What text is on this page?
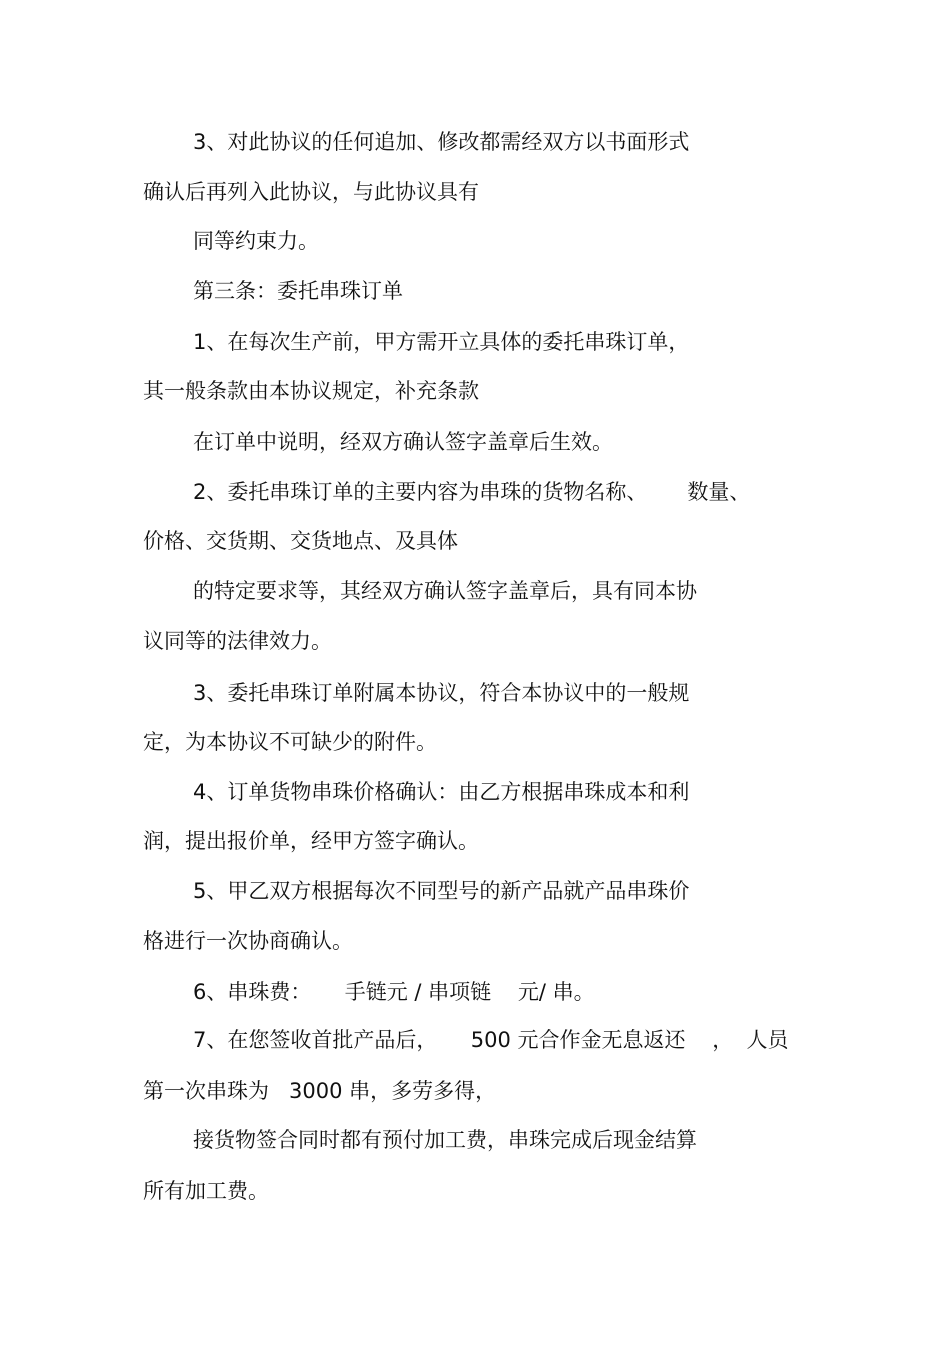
3、对此协议的任何追加、修改都需经双方以书面形式
确认后再列入此协议，与此协议具有
同等约束力。
第三条：委托串珠订单
1、在每次生产前，甲方需开立具体的委托串珠订单，
其一般条款由本协议规定，补充条款
在订单中说明，经双方确认签字盖章后生效。
2、委托串珠订单的主要内容为串珠的货物名称、      数量、
价格、交货期、交货地点、及具体
的特定要求等，其经双方确认签字盖章后，具有同本协
议同等的法律效力。
3、委托串珠订单附属本协议，符合本协议中的一般规
定，为本协议不可缺少的附件。
4、订单货物串珠价格确认：由乙方根据串珠成本和利
润，提出报价单，经甲方签字确认。
5、甲乙双方根据每次不同型号的新产品就产品串珠价
格进行一次协商确认。
6、串珠费：     手链元 / 串项链    元/ 串。
7、在您签收首批产品后，     500 元合作金无息返还    ，  人员
第一次串珠为   3000 串，多劳多得，
接货物签合同时都有预付加工费，串珠完成后现金结算
所有加工费。
